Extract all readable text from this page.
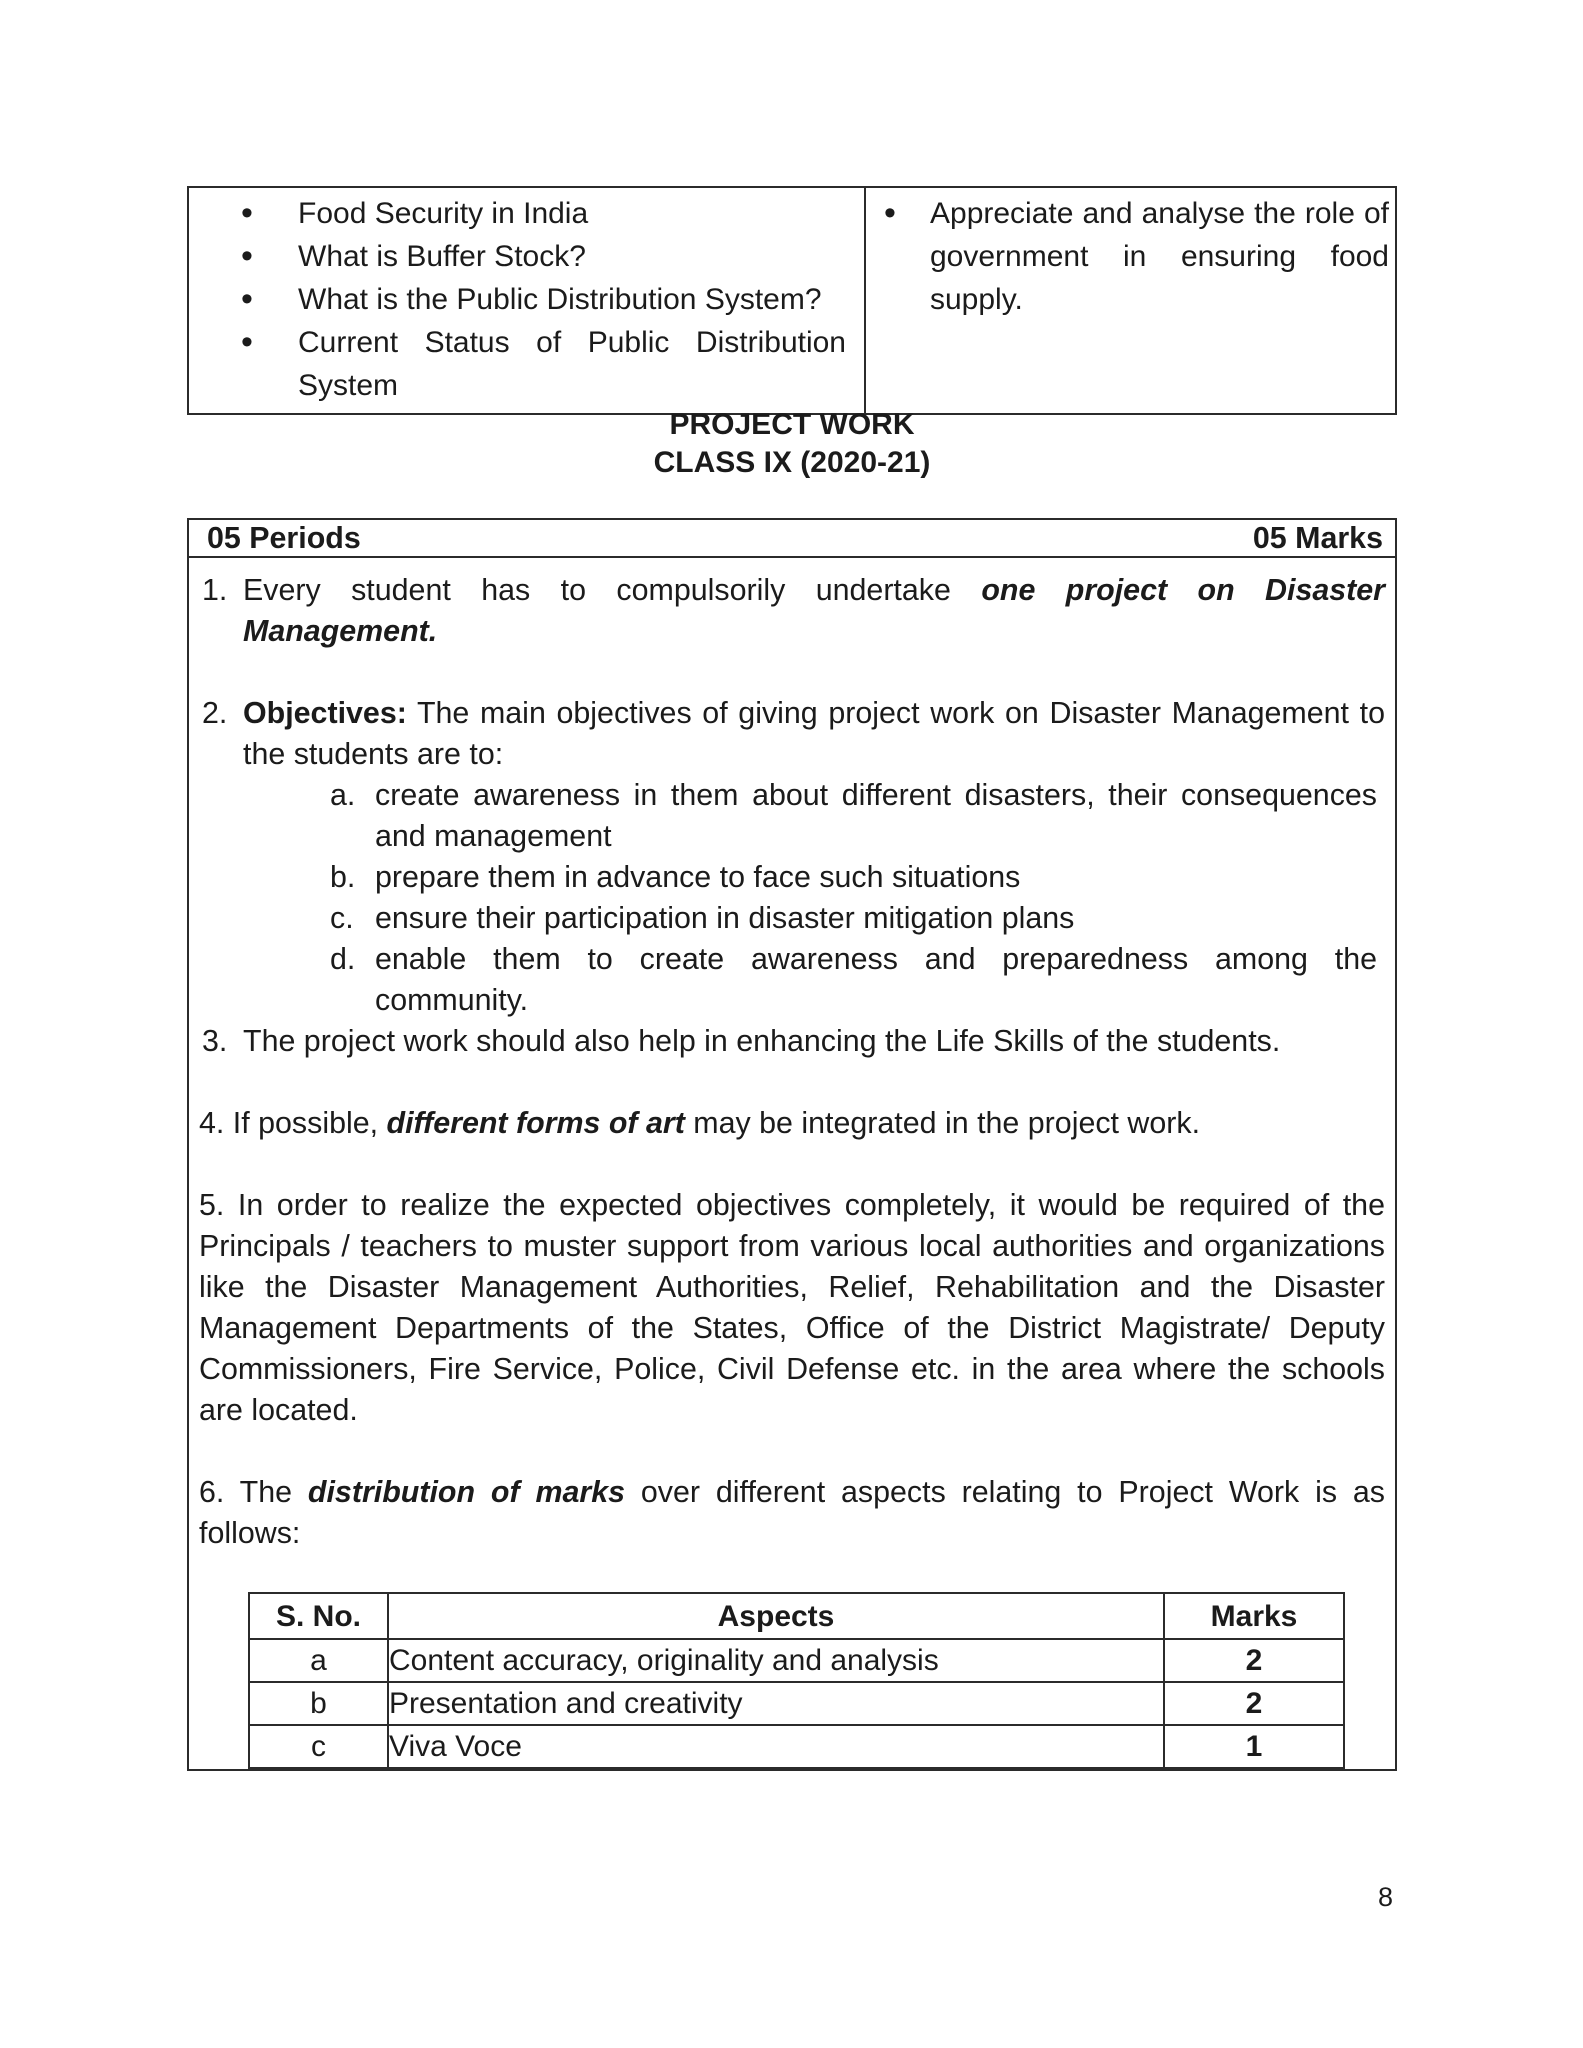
• Food Security in India
• What is Buffer Stock?
• What is the Public Distribution System?
• Current Status of Public Distribution System
• Appreciate and analyse the role of government in ensuring food supply.
PROJECT WORK
CLASS IX (2020-21)
05 Periods	05 Marks

1. Every student has to compulsorily undertake one project on Disaster Management.

2. Objectives: The main objectives of giving project work on Disaster Management to the students are to:

a. create awareness in them about different disasters, their consequences and management

b. prepare them in advance to face such situations

c. ensure their participation in disaster mitigation plans

d. enable them to create awareness and preparedness among the community.

3. The project work should also help in enhancing the Life Skills of the students.

4. If possible, different forms of art may be integrated in the project work.

5. In order to realize the expected objectives completely, it would be required of the Principals / teachers to muster support from various local authorities and organizations like the Disaster Management Authorities, Relief, Rehabilitation and the Disaster Management Departments of the States, Office of the District Magistrate/ Deputy Commissioners, Fire Service, Police, Civil Defense etc. in the area where the schools are located.

6. The distribution of marks over different aspects relating to Project Work is as follows:

S. No.	Aspects	Marks
a	Content accuracy, originality and analysis	2
b	Presentation and creativity	2
c	Viva Voce	1
8
